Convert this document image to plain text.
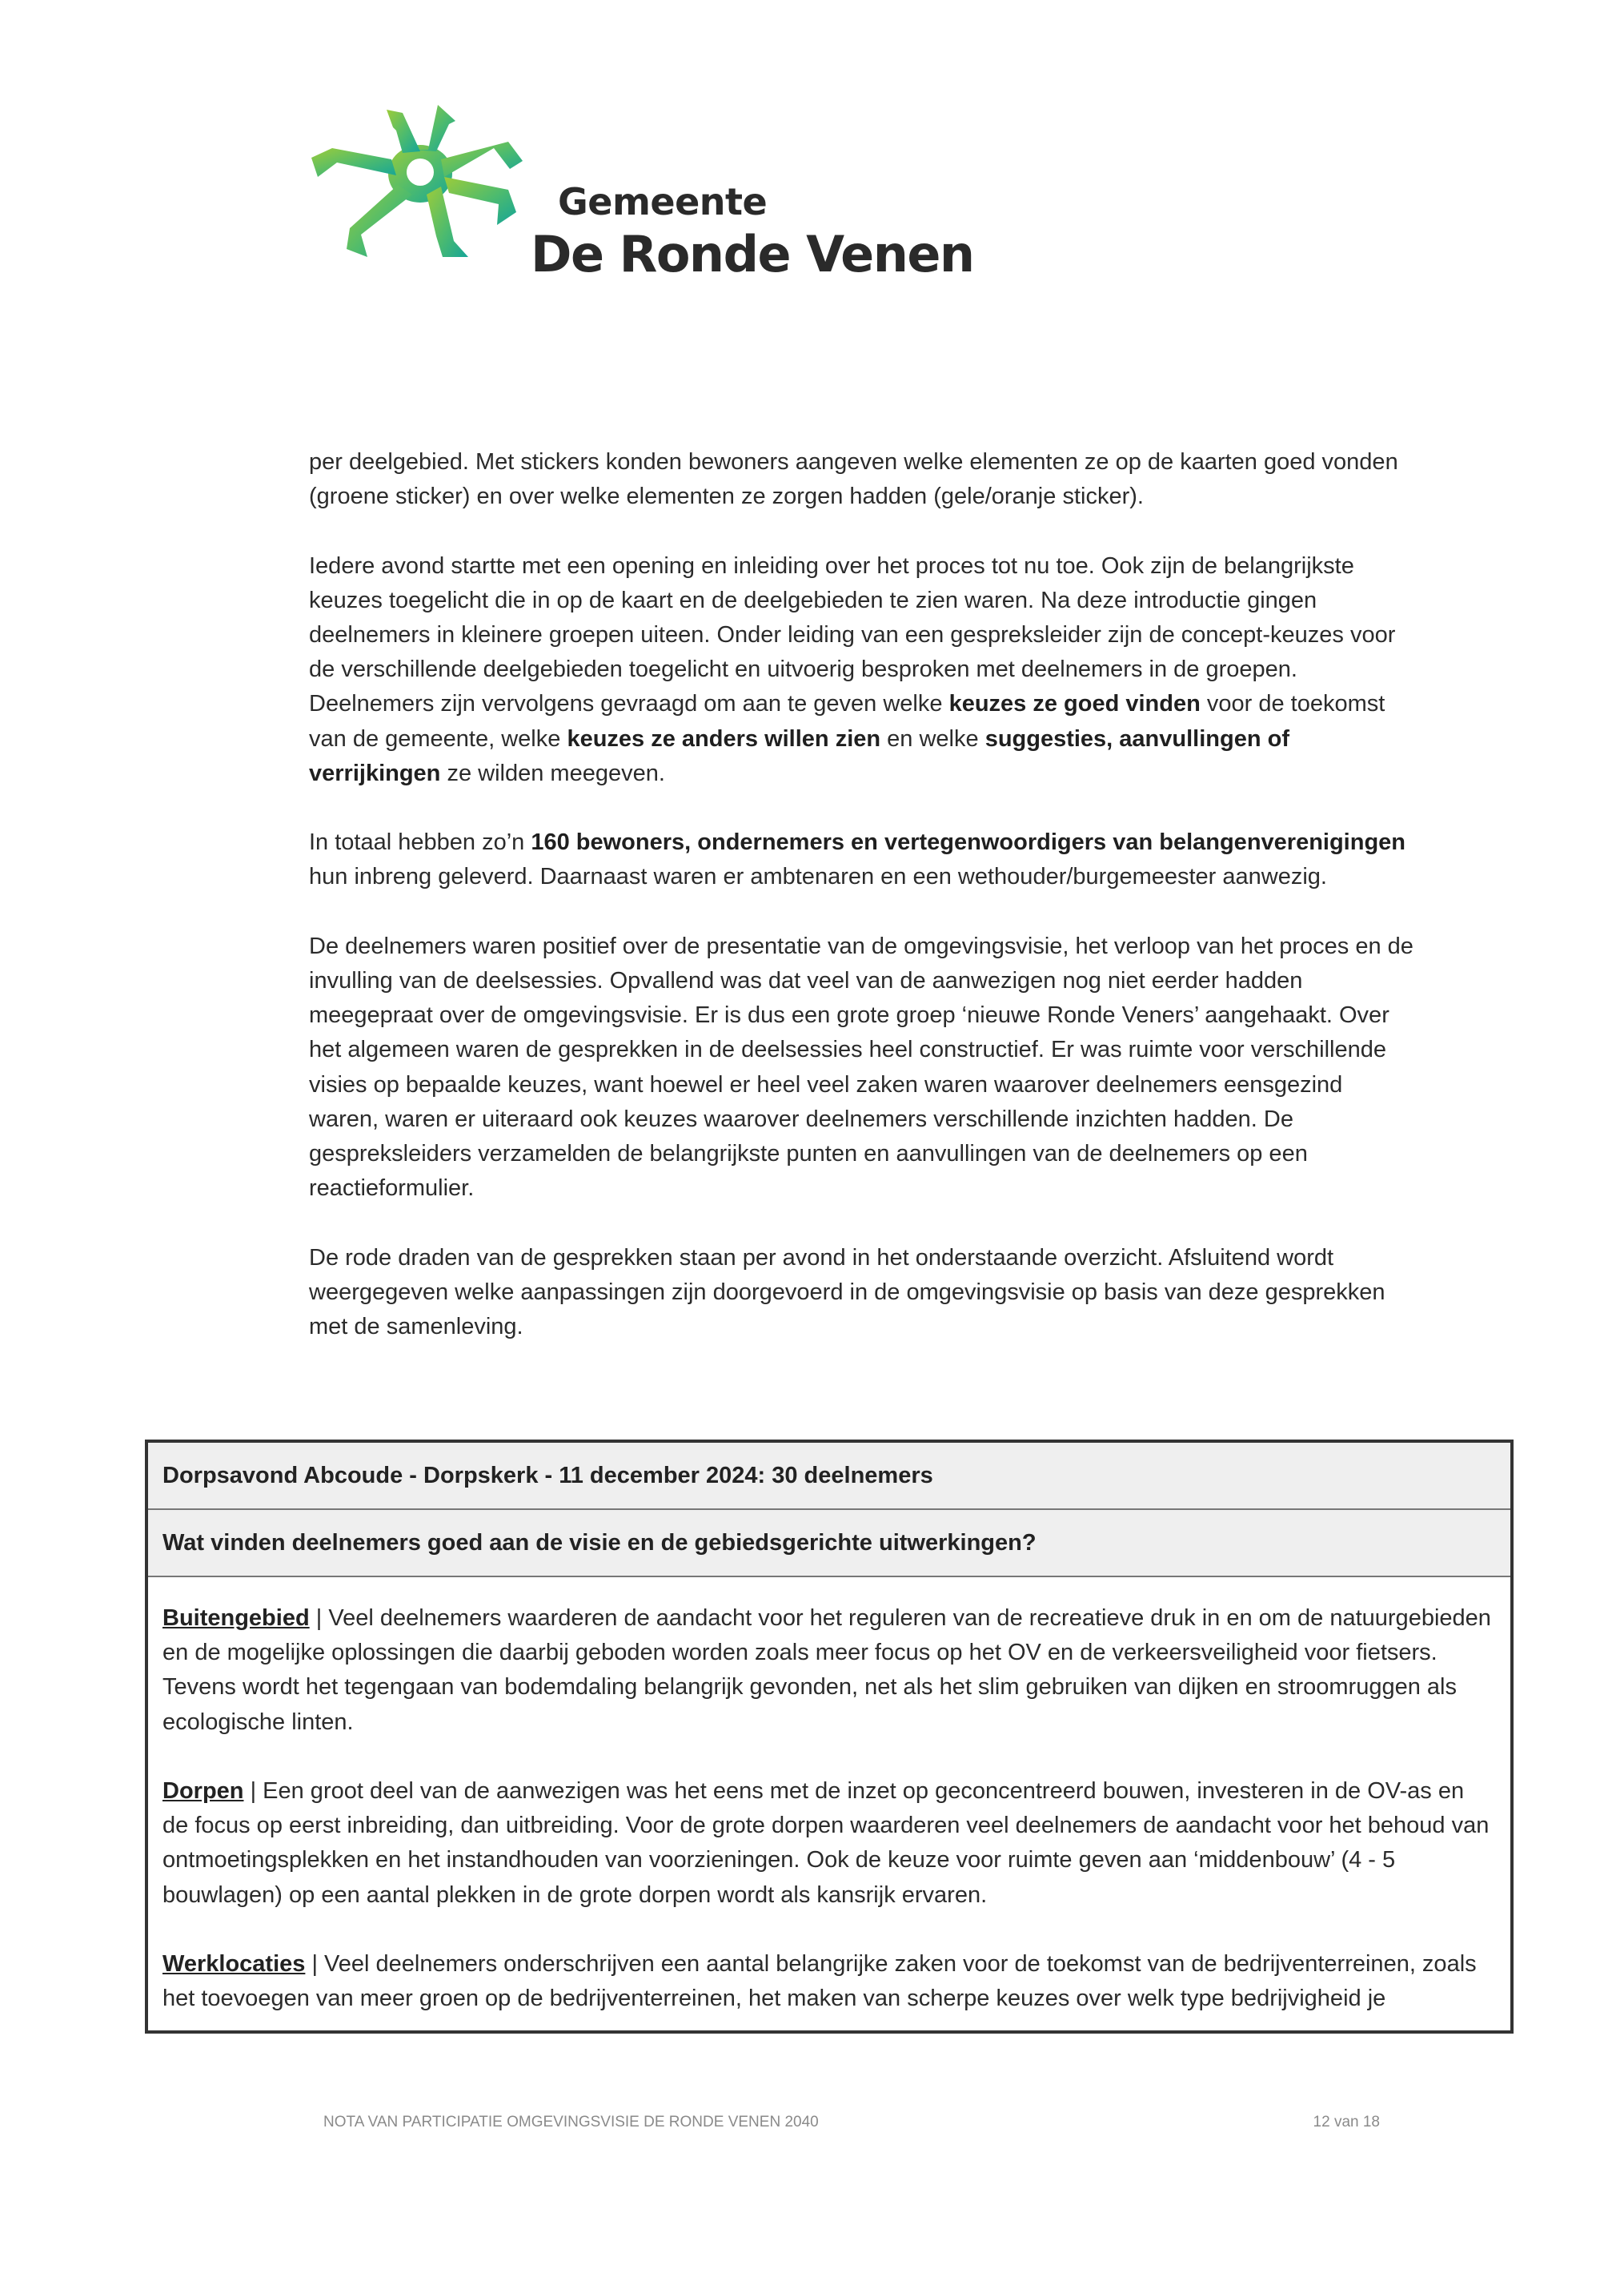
Gemeente
De Ronde Venen

per deelgebied. Met stickers konden bewoners aangeven welke elementen ze op de kaarten goed vonden (groene sticker) en over welke elementen ze zorgen hadden (gele/oranje sticker).

Iedere avond startte met een opening en inleiding over het proces tot nu toe. Ook zijn de belangrijkste keuzes toegelicht die in op de kaart en de deelgebieden te zien waren. Na deze introductie gingen deelnemers in kleinere groepen uiteen. Onder leiding van een gespreksleider zijn de concept-keuzes voor de verschillende deelgebieden toegelicht en uitvoerig besproken met deelnemers in de groepen. Deelnemers zijn vervolgens gevraagd om aan te geven welke keuzes ze goed vinden voor de toekomst van de gemeente, welke keuzes ze anders willen zien en welke suggesties, aanvullingen of verrijkingen ze wilden meegeven.

In totaal hebben zo’n 160 bewoners, ondernemers en vertegenwoordigers van belangenverenigingen hun inbreng geleverd. Daarnaast waren er ambtenaren en een wethouder/burgemeester aanwezig.

De deelnemers waren positief over de presentatie van de omgevingsvisie, het verloop van het proces en de invulling van de deelsessies. Opvallend was dat veel van de aanwezigen nog niet eerder hadden meegepraat over de omgevingsvisie. Er is dus een grote groep ‘nieuwe Ronde Veners’ aangehaakt. Over het algemeen waren de gesprekken in de deelsessies heel constructief. Er was ruimte voor verschillende visies op bepaalde keuzes, want hoewel er heel veel zaken waren waarover deelnemers eensgezind waren, waren er uiteraard ook keuzes waarover deelnemers verschillende inzichten hadden. De gespreksleiders verzamelden de belangrijkste punten en aanvullingen van de deelnemers op een reactieformulier.

De rode draden van de gesprekken staan per avond in het onderstaande overzicht. Afsluitend wordt weergegeven welke aanpassingen zijn doorgevoerd in de omgevingsvisie op basis van deze gesprekken met de samenleving.

Dorpsavond Abcoude - Dorpskerk - 11 december 2024: 30 deelnemers
Wat vinden deelnemers goed aan de visie en de gebiedsgerichte uitwerkingen?

Buitengebied | Veel deelnemers waarderen de aandacht voor het reguleren van de recreatieve druk in en om de natuurgebieden en de mogelijke oplossingen die daarbij geboden worden zoals meer focus op het OV en de verkeersveiligheid voor fietsers. Tevens wordt het tegengaan van bodemdaling belangrijk gevonden, net als het slim gebruiken van dijken en stroomruggen als ecologische linten.

Dorpen | Een groot deel van de aanwezigen was het eens met de inzet op geconcentreerd bouwen, investeren in de OV-as en de focus op eerst inbreiding, dan uitbreiding. Voor de grote dorpen waarderen veel deelnemers de aandacht voor het behoud van ontmoetingsplekken en het instandhouden van voorzieningen. Ook de keuze voor ruimte geven aan ‘middenbouw’ (4 - 5 bouwlagen) op een aantal plekken in de grote dorpen wordt als kansrijk ervaren.

Werklocaties | Veel deelnemers onderschrijven een aantal belangrijke zaken voor de toekomst van de bedrijventerreinen, zoals het toevoegen van meer groen op de bedrijventerreinen, het maken van scherpe keuzes over welk type bedrijvigheid je

NOTA VAN PARTICIPATIE OMGEVINGSVISIE DE RONDE VENEN 2040	12 van 18
